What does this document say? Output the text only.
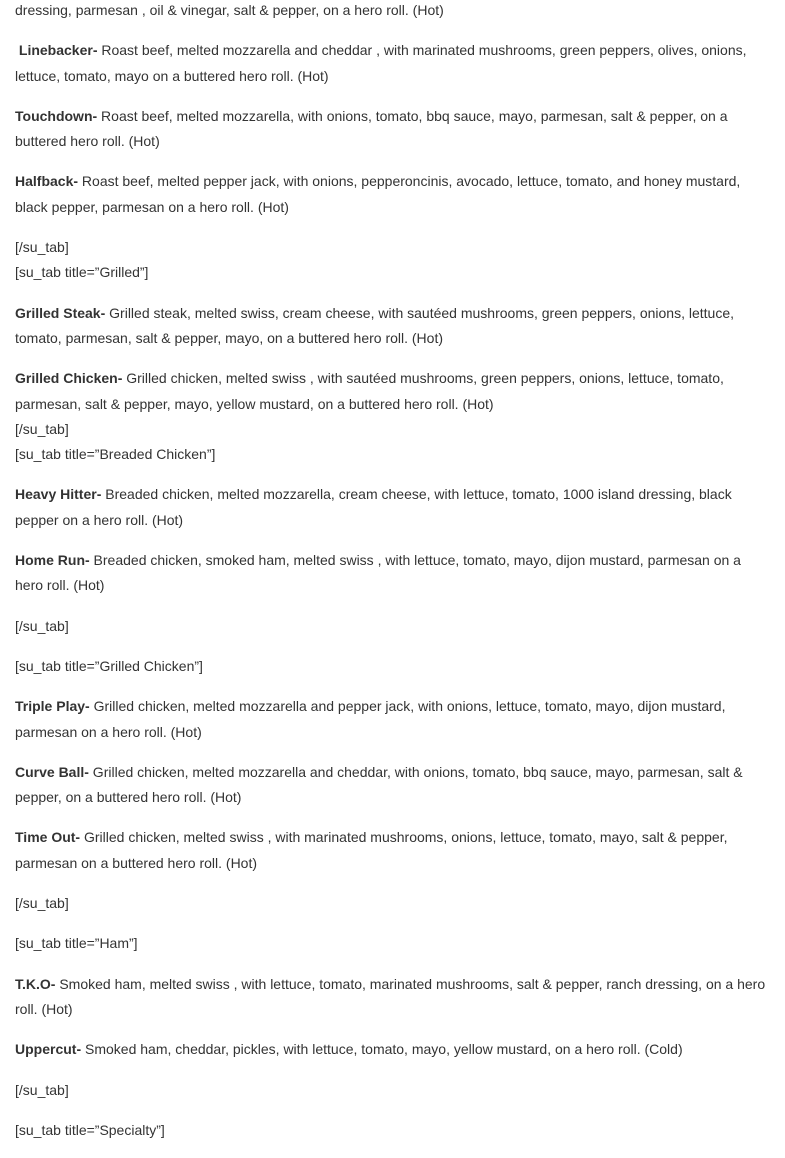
dressing, parmesan , oil & vinegar, salt & pepper, on a hero roll. (Hot)

Linebacker- Roast beef, melted mozzarella and cheddar , with marinated mushrooms, green peppers, olives, onions, lettuce, tomato, mayo on a buttered hero roll. (Hot)

Touchdown- Roast beef, melted mozzarella, with onions, tomato, bbq sauce, mayo, parmesan, salt & pepper, on a buttered hero roll. (Hot)

Halfback- Roast beef, melted pepper jack, with onions, pepperoncinis, avocado, lettuce, tomato, and honey mustard, black pepper, parmesan on a hero roll. (Hot)

[/su_tab]
[su_tab title=”Grilled”]

Grilled Steak- Grilled steak, melted swiss, cream cheese, with sautéed mushrooms, green peppers, onions, lettuce, tomato, parmesan, salt & pepper, mayo, on a buttered hero roll. (Hot)

Grilled Chicken- Grilled chicken, melted swiss , with sautéed mushrooms, green peppers, onions, lettuce, tomato, parmesan, salt & pepper, mayo, yellow mustard, on a buttered hero roll. (Hot)

[/su_tab]
[su_tab title=”Breaded Chicken”]

Heavy Hitter- Breaded chicken, melted mozzarella, cream cheese, with lettuce, tomato, 1000 island dressing, black pepper on a hero roll. (Hot)

Home Run- Breaded chicken, smoked ham, melted swiss , with lettuce, tomato, mayo, dijon mustard, parmesan on a hero roll. (Hot)

[/su_tab]

[su_tab title=”Grilled Chicken”]

Triple Play- Grilled chicken, melted mozzarella and pepper jack, with onions, lettuce, tomato, mayo, dijon mustard, parmesan on a hero roll. (Hot)

Curve Ball- Grilled chicken, melted mozzarella and cheddar, with onions, tomato, bbq sauce, mayo, parmesan, salt & pepper, on a buttered hero roll. (Hot)

Time Out- Grilled chicken, melted swiss , with marinated mushrooms, onions, lettuce, tomato, mayo, salt & pepper, parmesan on a buttered hero roll. (Hot)

[/su_tab]

[su_tab title=”Ham”]

T.K.O- Smoked ham, melted swiss , with lettuce, tomato, marinated mushrooms, salt & pepper, ranch dressing, on a hero roll. (Hot)

Uppercut- Smoked ham, cheddar, pickles, with lettuce, tomato, mayo, yellow mustard, on a hero roll. (Cold)

[/su_tab]

[su_tab title=”Specialty”]
